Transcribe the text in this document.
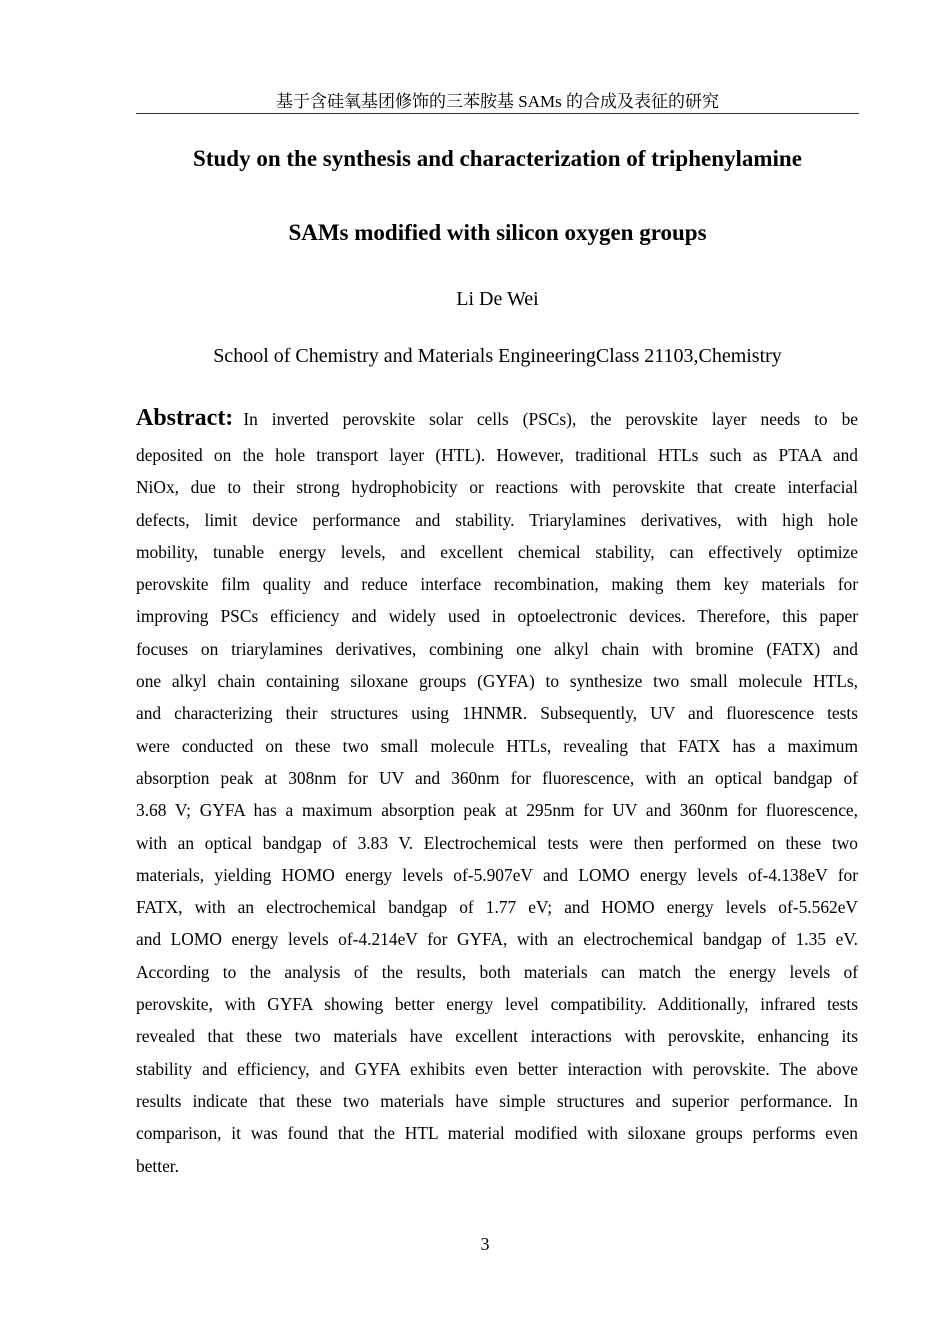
基于含硅氧基团修饰的三苯胺基 SAMs 的合成及表征的研究
Study on the synthesis and characterization of triphenylamine
SAMs modified with silicon oxygen groups
Li De Wei
School of Chemistry and Materials EngineeringClass 21103,Chemistry
Abstract: In inverted perovskite solar cells (PSCs), the perovskite layer needs to be
deposited on the hole transport layer (HTL). However, traditional HTLs such as PTAA and
NiOx, due to their strong hydrophobicity or reactions with perovskite that create interfacial
defects, limit device performance and stability. Triarylamines derivatives, with high hole
mobility, tunable energy levels, and excellent chemical stability, can effectively optimize
perovskite film quality and reduce interface recombination, making them key materials for
improving PSCs efficiency and widely used in optoelectronic devices. Therefore, this paper
focuses on triarylamines derivatives, combining one alkyl chain with bromine (FATX) and
one alkyl chain containing siloxane groups (GYFA) to synthesize two small molecule HTLs,
and characterizing their structures using 1HNMR. Subsequently, UV and fluorescence tests
were conducted on these two small molecule HTLs, revealing that FATX has a maximum
absorption peak at 308nm for UV and 360nm for fluorescence, with an optical bandgap of
3.68 V; GYFA has a maximum absorption peak at 295nm for UV and 360nm for fluorescence,
with an optical bandgap of 3.83 V. Electrochemical tests were then performed on these two
materials, yielding HOMO energy levels of-5.907eV and LOMO energy levels of-4.138eV for
FATX, with an electrochemical bandgap of 1.77 eV; and HOMO energy levels of-5.562eV
and LOMO energy levels of-4.214eV for GYFA, with an electrochemical bandgap of 1.35 eV.
According to the analysis of the results, both materials can match the energy levels of
perovskite, with GYFA showing better energy level compatibility. Additionally, infrared tests
revealed that these two materials have excellent interactions with perovskite, enhancing its
stability and efficiency, and GYFA exhibits even better interaction with perovskite. The above
results indicate that these two materials have simple structures and superior performance. In
comparison, it was found that the HTL material modified with siloxane groups performs even
better.
3
